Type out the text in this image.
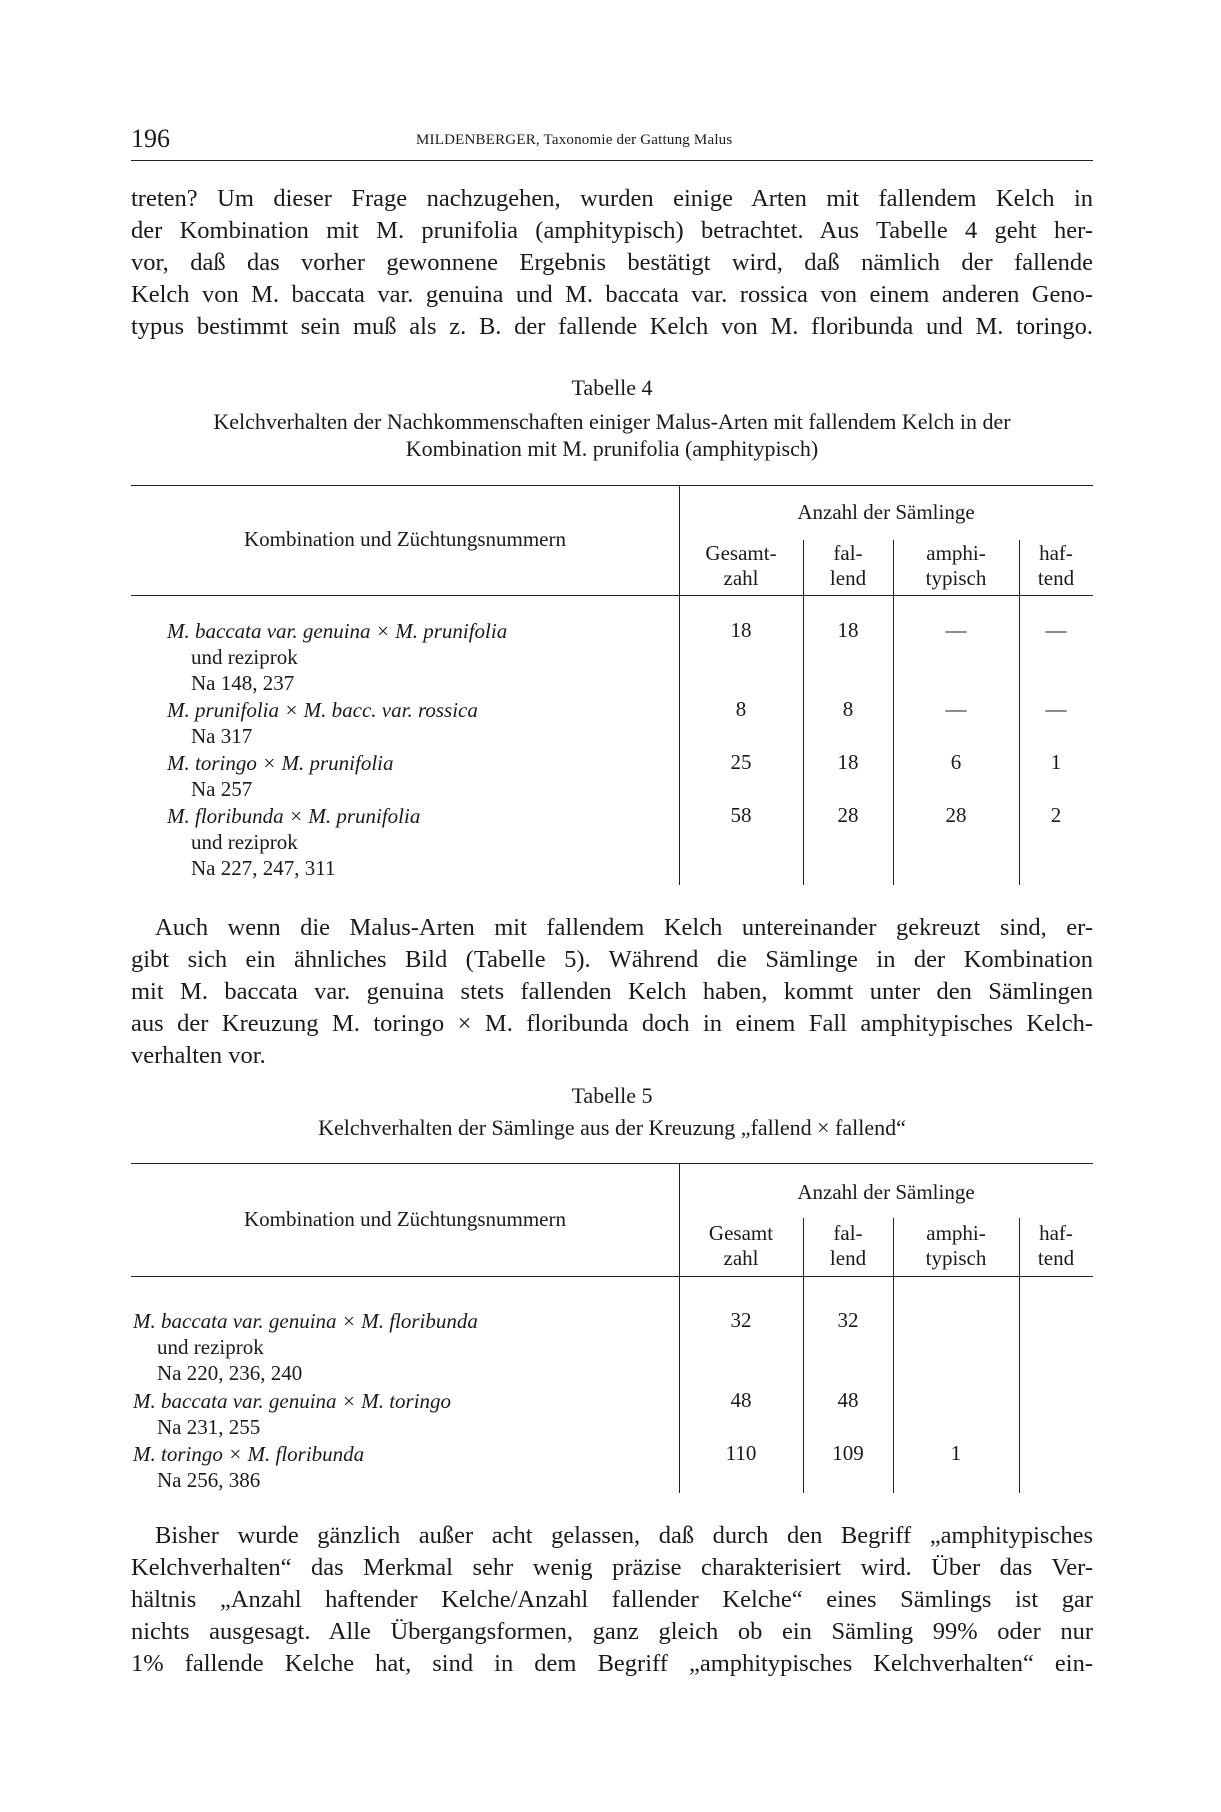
196	MILDENBERGER, Taxonomie der Gattung Malus
treten? Um dieser Frage nachzugehen, wurden einige Arten mit fallendem Kelch in
der Kombination mit M. prunifolia (amphitypisch) betrachtet. Aus Tabelle 4 geht her-
vor, daß das vorher gewonnene Ergebnis bestätigt wird, daß nämlich der fallende
Kelch von M. baccata var. genuina und M. baccata var. rossica von einem anderen Geno-
typus bestimmt sein muß als z. B. der fallende Kelch von M. floribunda und M. toringo.
Tabelle 4
Kelchverhalten der Nachkommenschaften einiger Malus-Arten mit fallendem Kelch in der
Kombination mit M. prunifolia (amphitypisch)
Kombination und Züchtungsnummern
Anzahl der Sämlinge
Gesamt-
zahl
fal-
lend
amphi-
typisch
haf-
tend
M. baccata var. genuina × M. prunifolia
und reziprok
Na 148, 237
18	18	—	—
M. prunifolia × M. bacc. var. rossica
Na 317
8	8	—	—
M. toringo × M. prunifolia
Na 257
25	18	6	1
M. floribunda × M. prunifolia
und reziprok
Na 227, 247, 311
58	28	28	2
Auch wenn die Malus-Arten mit fallendem Kelch untereinander gekreuzt sind, er-
gibt sich ein ähnliches Bild (Tabelle 5). Während die Sämlinge in der Kombination
mit M. baccata var. genuina stets fallenden Kelch haben, kommt unter den Sämlingen
aus der Kreuzung M. toringo × M. floribunda doch in einem Fall amphitypisches Kelch-
verhalten vor.
Tabelle 5
Kelchverhalten der Sämlinge aus der Kreuzung „fallend × fallend“
Kombination und Züchtungsnummern
Anzahl der Sämlinge
Gesamt
zahl
fal-
lend
amphi-
typisch
haf-
tend
M. baccata var. genuina × M. floribunda
und reziprok
Na 220, 236, 240
32	32
M. baccata var. genuina × M. toringo
Na 231, 255
48	48
M. toringo × M. floribunda
Na 256, 386
110	109	1
Bisher wurde gänzlich außer acht gelassen, daß durch den Begriff „amphitypisches
Kelchverhalten“ das Merkmal sehr wenig präzise charakterisiert wird. Über das Ver-
hältnis „Anzahl haftender Kelche/Anzahl fallender Kelche“ eines Sämlings ist gar
nichts ausgesagt. Alle Übergangsformen, ganz gleich ob ein Sämling 99% oder nur
1% fallende Kelche hat, sind in dem Begriff „amphitypisches Kelchverhalten“ ein-
